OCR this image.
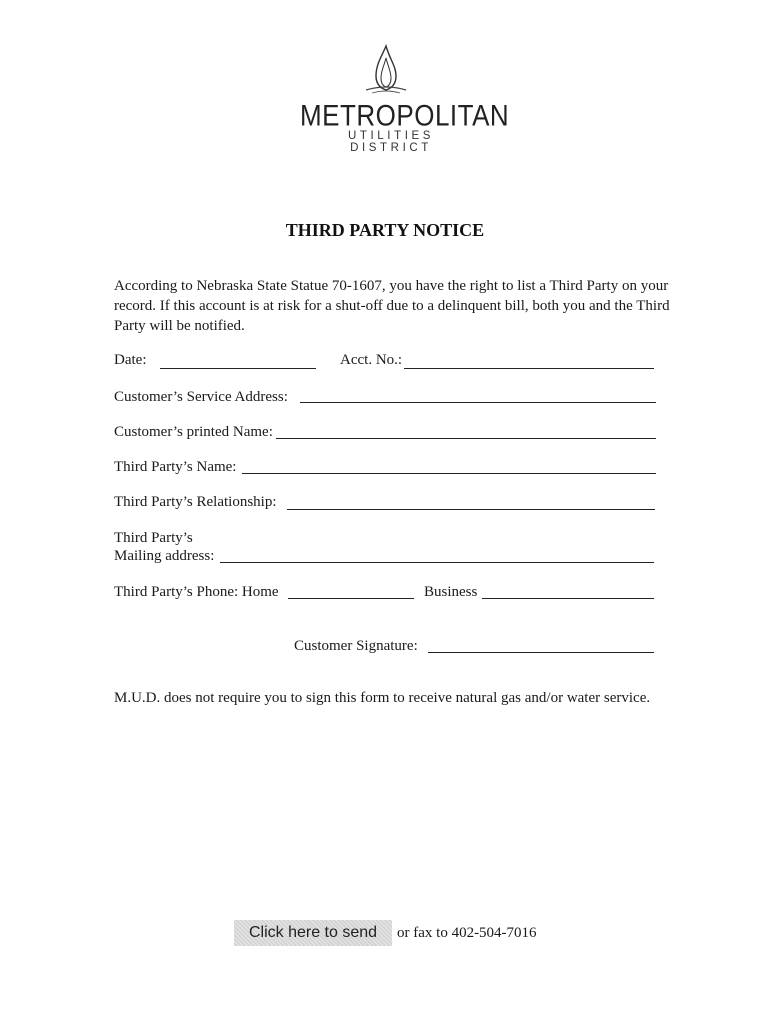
METROPOLITAN
UTILITIES DISTRICT
THIRD PARTY NOTICE
According to Nebraska State Statue 70-1607, you have the right to list a Third Party on your record. If this account is at risk for a shut-off due to a delinquent bill, both you and the Third Party will be notified.
Date:	Acct. No.:
Customer’s Service Address:
Customer’s printed Name:
Third Party’s Name:
Third Party’s Relationship:
Third Party’s
Mailing address:
Third Party’s Phone: Home	Business
Customer Signature:
M.U.D. does not require you to sign this form to receive natural gas and/or water service.
Click here to send	or fax to 402-504-7016
